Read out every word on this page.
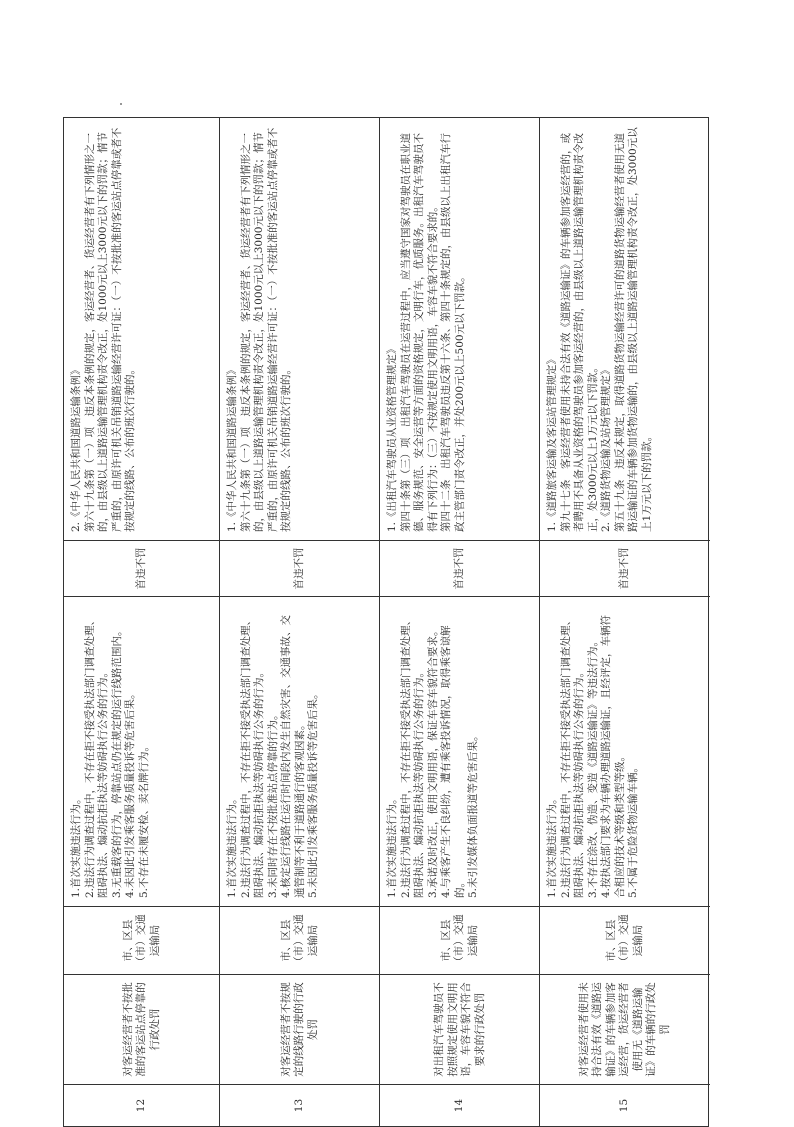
12
对客运经营者不按批准的客运站点停靠的行政处罚
市、区县（市）交通运输局

1.首次实施违法行为。 2.违法行为调查过程中，不存在拒不接受执法部门调查处理、阻碍执法、煽动抗拒执法等妨碍执行公务的行为。 3.无重载客的行为，停靠站点仍在规定的运行线路范围内。 4.未因此引发乘客服务质量投诉等危害后果。 5.不存在未履安检、卖名牌行为。

首违不罚

2.《中华人民共和国道路运输条例》 第六十九条第（一）项　违反本条例的规定，客运经营者、货运经营者有下列情形之一的，由县级以上道路运输管理机构责令改正，处1000元以上3000元以下的罚款；情节严重的，由原许可机关吊销道路运输经营许可证：（一）不按批准的客运站点停靠或者不按规定的线路、公布的班次行驶的。

13
对客运经营者不按规定的线路行驶的行政处罚
市、区县（市）交通运输局

1.首次实施违法行为。 2.违法行为调查过程中，不存在拒不接受执法部门调查处理、阻碍执法、煽动抗拒执法等妨碍执行公务的行为。 3.未同时存在不按批准站点停靠的行为。 4.核定运行线路在运行时间段内发生自然灾害、交通事故、交通管制等不利于道路通行的客观因素。 5.未因此引发乘客服务质量投诉等危害后果。

首违不罚

1.《中华人民共和国道路运输条例》 第六十九条第（一）项　违反本条例的规定，客运经营者、货运经营者有下列情形之一的，由县级以上道路运输管理机构责令改正，处1000元以上3000元以下的罚款；情节严重的，由原许可机关吊销道路运输经营许可证：（一）不按批准的客运站点停靠或者不按规定的线路、公布的班次行驶的。

14
对出租汽车驾驶员不按照规定使用文明用语，车容车貌不符合要求的行政处罚
市、区县（市）交通运输局

1.首次实施违法行为。 2.违法行为调查过程中，不存在拒不接受执法部门调查处理、阻碍执法、煽动抗拒执法等妨碍执行公务的行为。 3.承诺及时改正，使用文明用语，保证车容车貌符合要求。 4.与乘客产生不良纠纷，遭有乘客投诉情况，取得乘客谅解的。 5.未引发媒体负面报道等危害后果。

首违不罚

1.《出租汽车驾驶员从业资格管理规定》 第四十条第（三）项　出租汽车驾驶员在运营过程中，应当遵守国家对驾驶员在职业道德、服务规范、安全运营等方面的资格规定，文明行车，优质服务。出租汽车驾驶员不得有下列行为：（三）不按规定使用文明用语，车容车貌不符合要求的。 第四十二条　出租汽车驾驶员违反第十六条、第四十条规定的，由县级以上出租汽车行政主管部门责令改正，并处200元以上500元以下罚款。

15
对客运经营者使用未持合法有效《道路运输证》的车辆参加客运经营，货运经营者使用无《道路运输证》的车辆的行政处罚
市、区县（市）交通运输局

1.首次实施违法行为。 2.违法行为调查过程中，不存在拒不接受执法部门调查处理、阻碍执法、煽动抗拒执法等妨碍执行公务的行为。 3.不存在涂改、伪造、变造《道路运输证》等违法行为。 4.按执法部门要求为车辆办理道路运输证，且经评定，车辆符合相应的技术等级和类型等级。 5.不属于危险货物运输车辆。

首违不罚

1.《道路旅客运输及客运站管理规定》 第九十七条　客运经营者使用未持合法有效《道路运输证》的车辆参加客运经营的，或者聘用不具备从业资格的驾驶员参加客运经营的，由县级以上道路运输管理机构责令改正，处3000元以上1万元以下罚款。 2.《道路货物运输及站场管理规定》 第五十九条　违反本规定，取得道路货物运输经营许可的道路货物运输经营者使用无道路运输证的车辆参加货物运输的，由县级以上道路运输管理机构责令改正，处3000元以上1万元以下的罚款。
